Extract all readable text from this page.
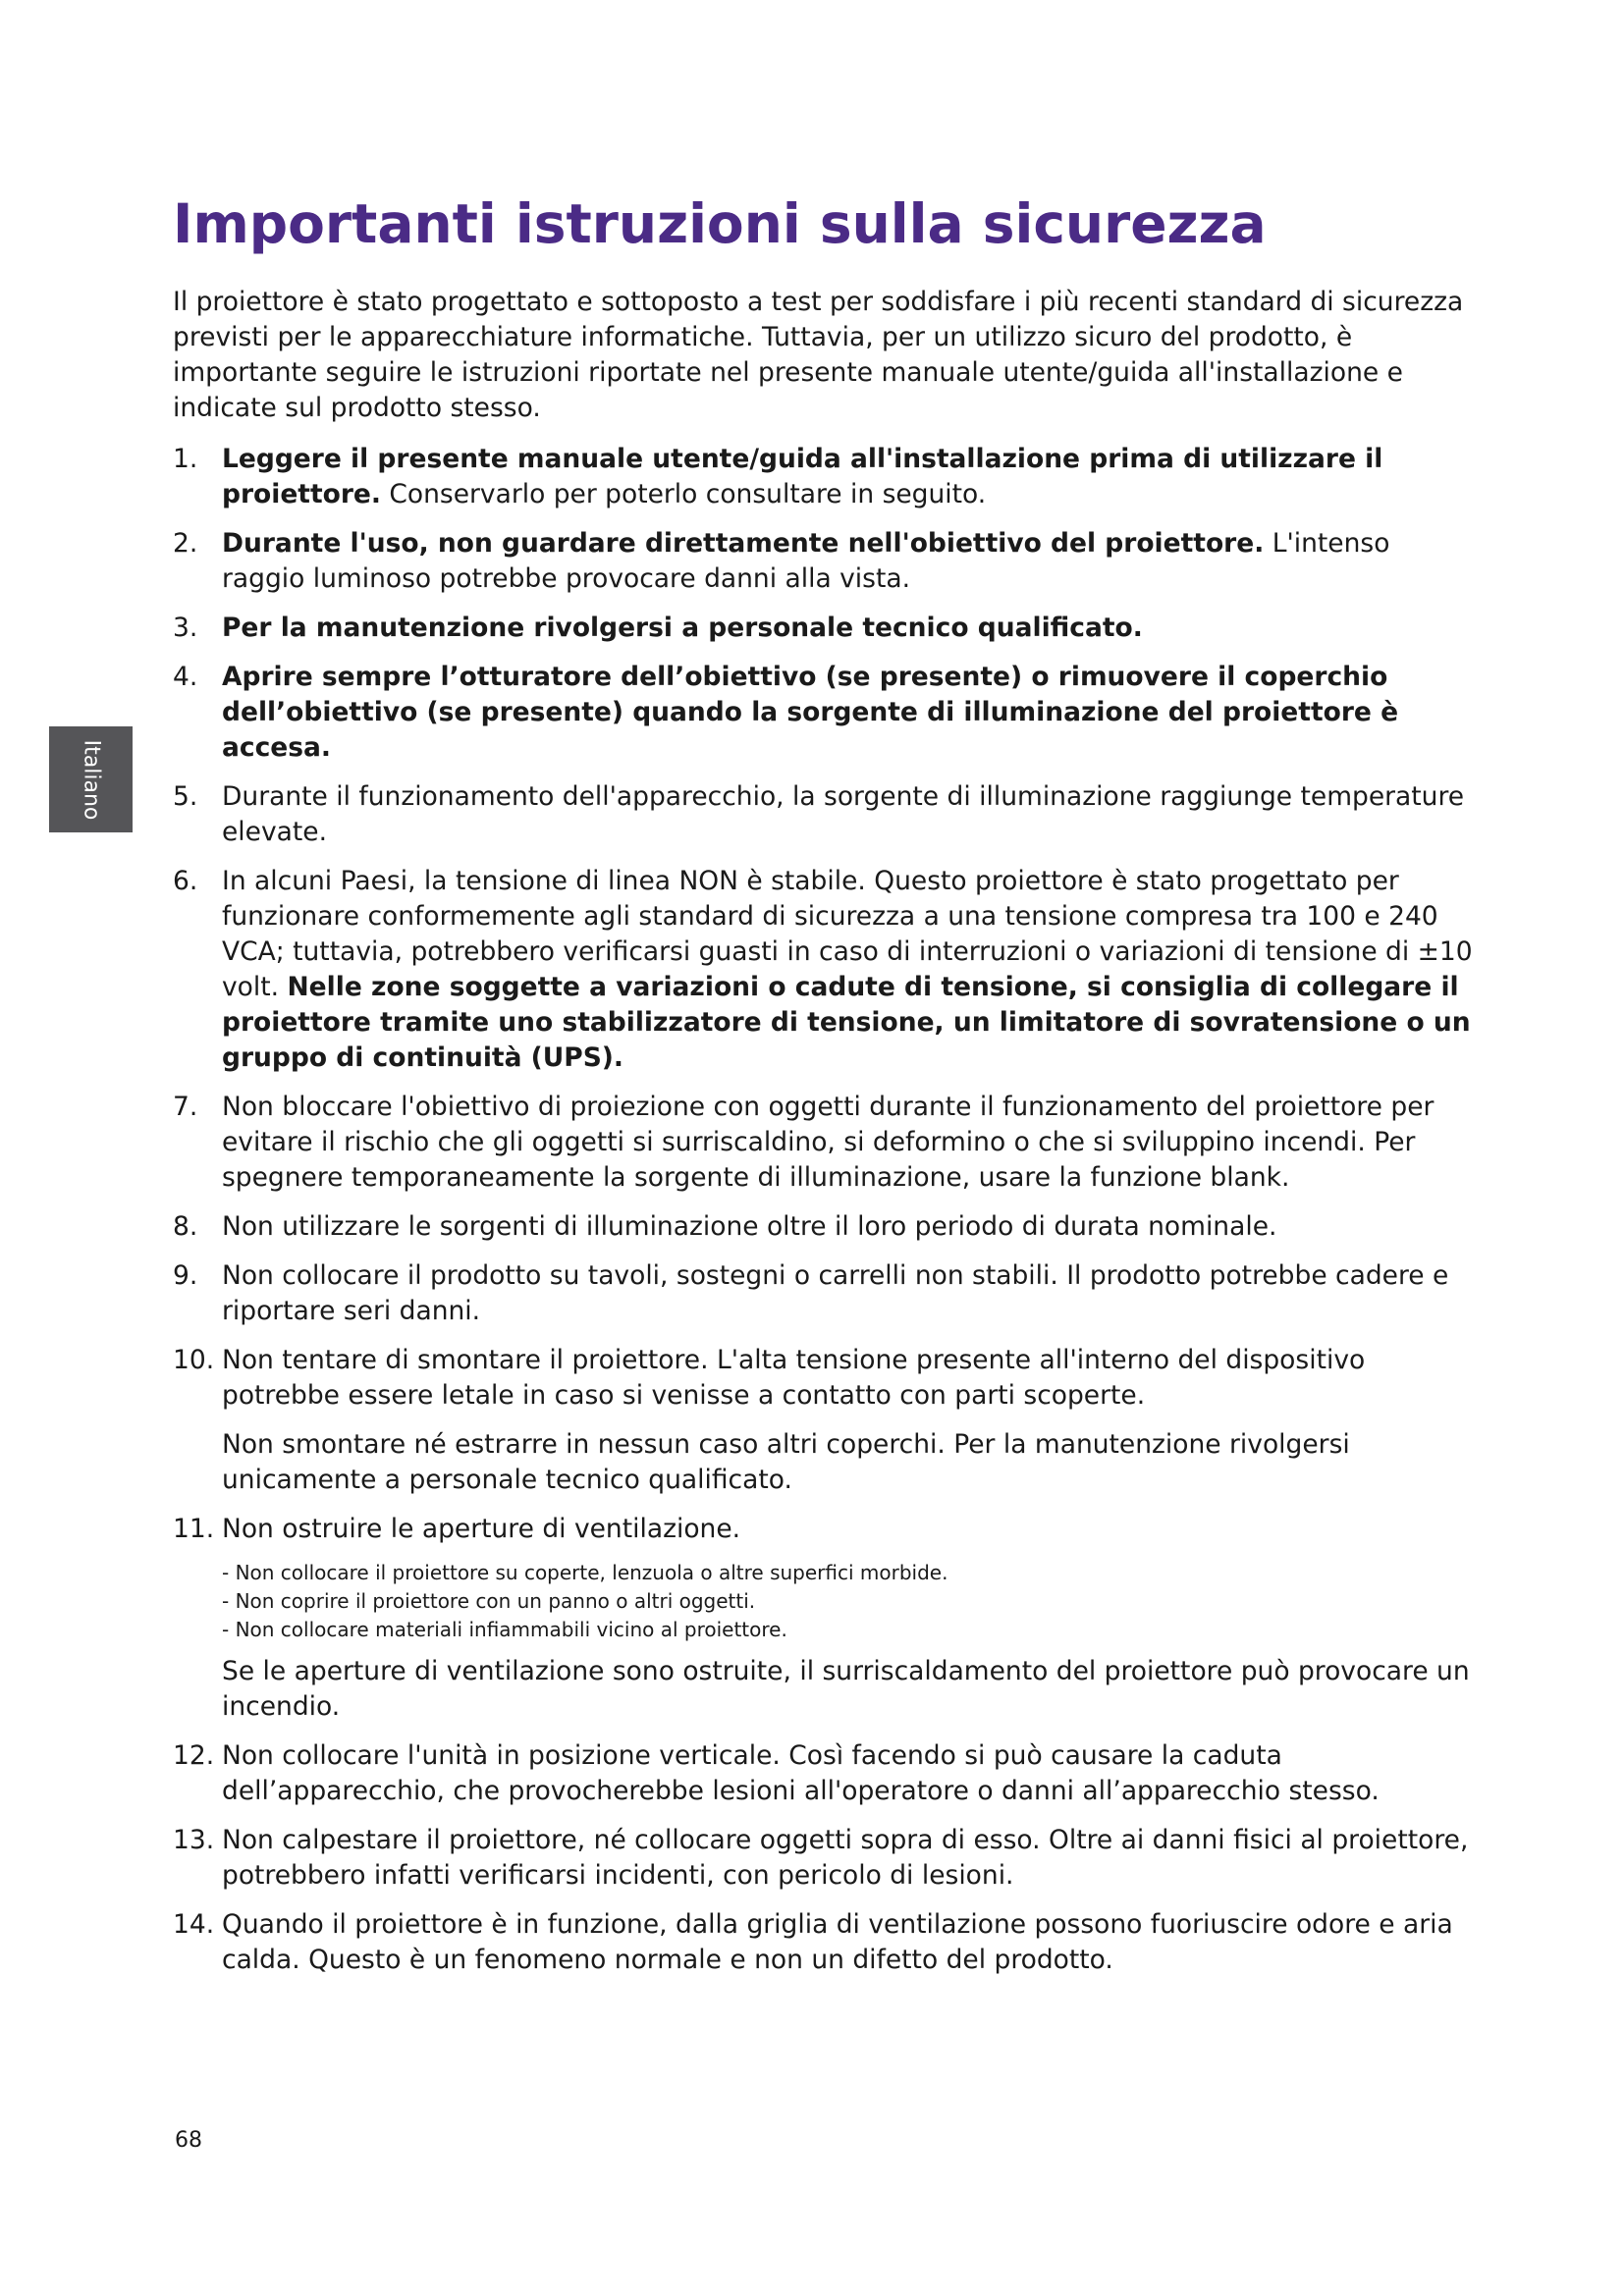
Importanti istruzioni sulla sicurezza

Il proiettore è stato progettato e sottoposto a test per soddisfare i più recenti standard di sicurezza previsti per le apparecchiature informatiche. Tuttavia, per un utilizzo sicuro del prodotto, è importante seguire le istruzioni riportate nel presente manuale utente/guida all'installazione e indicate sul prodotto stesso.

1. Leggere il presente manuale utente/guida all'installazione prima di utilizzare il proiettore. Conservarlo per poterlo consultare in seguito.

2. Durante l'uso, non guardare direttamente nell'obiettivo del proiettore. L'intenso raggio luminoso potrebbe provocare danni alla vista.

3. Per la manutenzione rivolgersi a personale tecnico qualificato.

4. Aprire sempre l’otturatore dell’obiettivo (se presente) o rimuovere il coperchio dell’obiettivo (se presente) quando la sorgente di illuminazione del proiettore è accesa.

5. Durante il funzionamento dell'apparecchio, la sorgente di illuminazione raggiunge temperature elevate.

6. In alcuni Paesi, la tensione di linea NON è stabile. Questo proiettore è stato progettato per funzionare conformemente agli standard di sicurezza a una tensione compresa tra 100 e 240 VCA; tuttavia, potrebbero verificarsi guasti in caso di interruzioni o variazioni di tensione di ±10 volt. Nelle zone soggette a variazioni o cadute di tensione, si consiglia di collegare il proiettore tramite uno stabilizzatore di tensione, un limitatore di sovratensione o un gruppo di continuità (UPS).

7. Non bloccare l'obiettivo di proiezione con oggetti durante il funzionamento del proiettore per evitare il rischio che gli oggetti si surriscaldino, si deformino o che si sviluppino incendi. Per spegnere temporaneamente la sorgente di illuminazione, usare la funzione blank.

8. Non utilizzare le sorgenti di illuminazione oltre il loro periodo di durata nominale.

9. Non collocare il prodotto su tavoli, sostegni o carrelli non stabili. Il prodotto potrebbe cadere e riportare seri danni.

10. Non tentare di smontare il proiettore. L'alta tensione presente all'interno del dispositivo potrebbe essere letale in caso si venisse a contatto con parti scoperte.

Non smontare né estrarre in nessun caso altri coperchi. Per la manutenzione rivolgersi unicamente a personale tecnico qualificato.

11. Non ostruire le aperture di ventilazione.

- Non collocare il proiettore su coperte, lenzuola o altre superfici morbide.
- Non coprire il proiettore con un panno o altri oggetti.
- Non collocare materiali infiammabili vicino al proiettore.

Se le aperture di ventilazione sono ostruite, il surriscaldamento del proiettore può provocare un incendio.

12. Non collocare l'unità in posizione verticale. Così facendo si può causare la caduta dell’apparecchio, che provocherebbe lesioni all'operatore o danni all’apparecchio stesso.

13. Non calpestare il proiettore, né collocare oggetti sopra di esso. Oltre ai danni fisici al proiettore, potrebbero infatti verificarsi incidenti, con pericolo di lesioni.

14. Quando il proiettore è in funzione, dalla griglia di ventilazione possono fuoriuscire odore e aria calda. Questo è un fenomeno normale e non un difetto del prodotto.

Italiano
68
